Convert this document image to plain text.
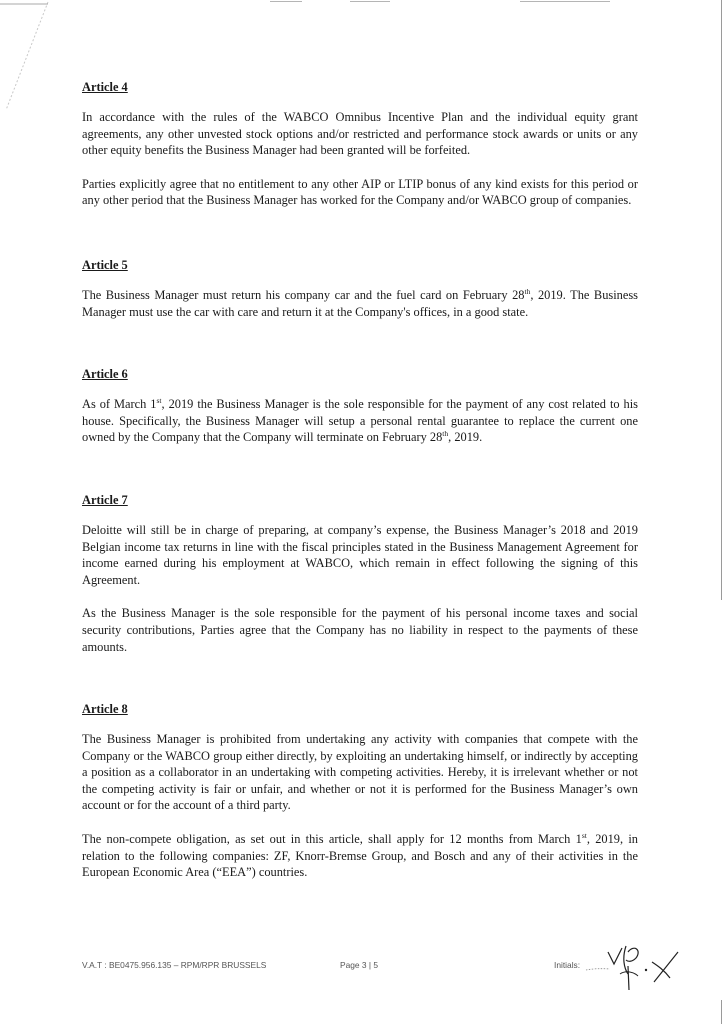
Article 4

In accordance with the rules of the WABCO Omnibus Incentive Plan and the individual equity grant agreements, any other unvested stock options and/or restricted and performance stock awards or units or any other equity benefits the Business Manager had been granted will be forfeited.

Parties explicitly agree that no entitlement to any other AIP or LTIP bonus of any kind exists for this period or any other period that the Business Manager has worked for the Company and/or WABCO group of companies.

Article 5

The Business Manager must return his company car and the fuel card on February 28th, 2019. The Business Manager must use the car with care and return it at the Company's offices, in a good state.

Article 6

As of March 1st, 2019 the Business Manager is the sole responsible for the payment of any cost related to his house. Specifically, the Business Manager will setup a personal rental guarantee to replace the current one owned by the Company that the Company will terminate on February 28th, 2019.

Article 7

Deloitte will still be in charge of preparing, at company’s expense, the Business Manager’s 2018 and 2019 Belgian income tax returns in line with the fiscal principles stated in the Business Management Agreement for income earned during his employment at WABCO, which remain in effect following the signing of this Agreement.

As the Business Manager is the sole responsible for the payment of his personal income taxes and social security contributions, Parties agree that the Company has no liability in respect to the payments of these amounts.

Article 8

The Business Manager is prohibited from undertaking any activity with companies that compete with the Company or the WABCO group either directly, by exploiting an undertaking himself, or indirectly by accepting a position as a collaborator in an undertaking with competing activities. Hereby, it is irrelevant whether or not the competing activity is fair or unfair, and whether or not it is performed for the Business Manager’s own account or for the account of a third party.

The non-compete obligation, as set out in this article, shall apply for 12 months from March 1st, 2019, in relation to the following companies: ZF, Knorr-Bremse Group, and Bosch and any of their activities in the European Economic Area (“EEA”) countries.

V.A.T : BE0475.956.135 – RPM/RPR BRUSSELS	Page 3 | 5	Initials:
